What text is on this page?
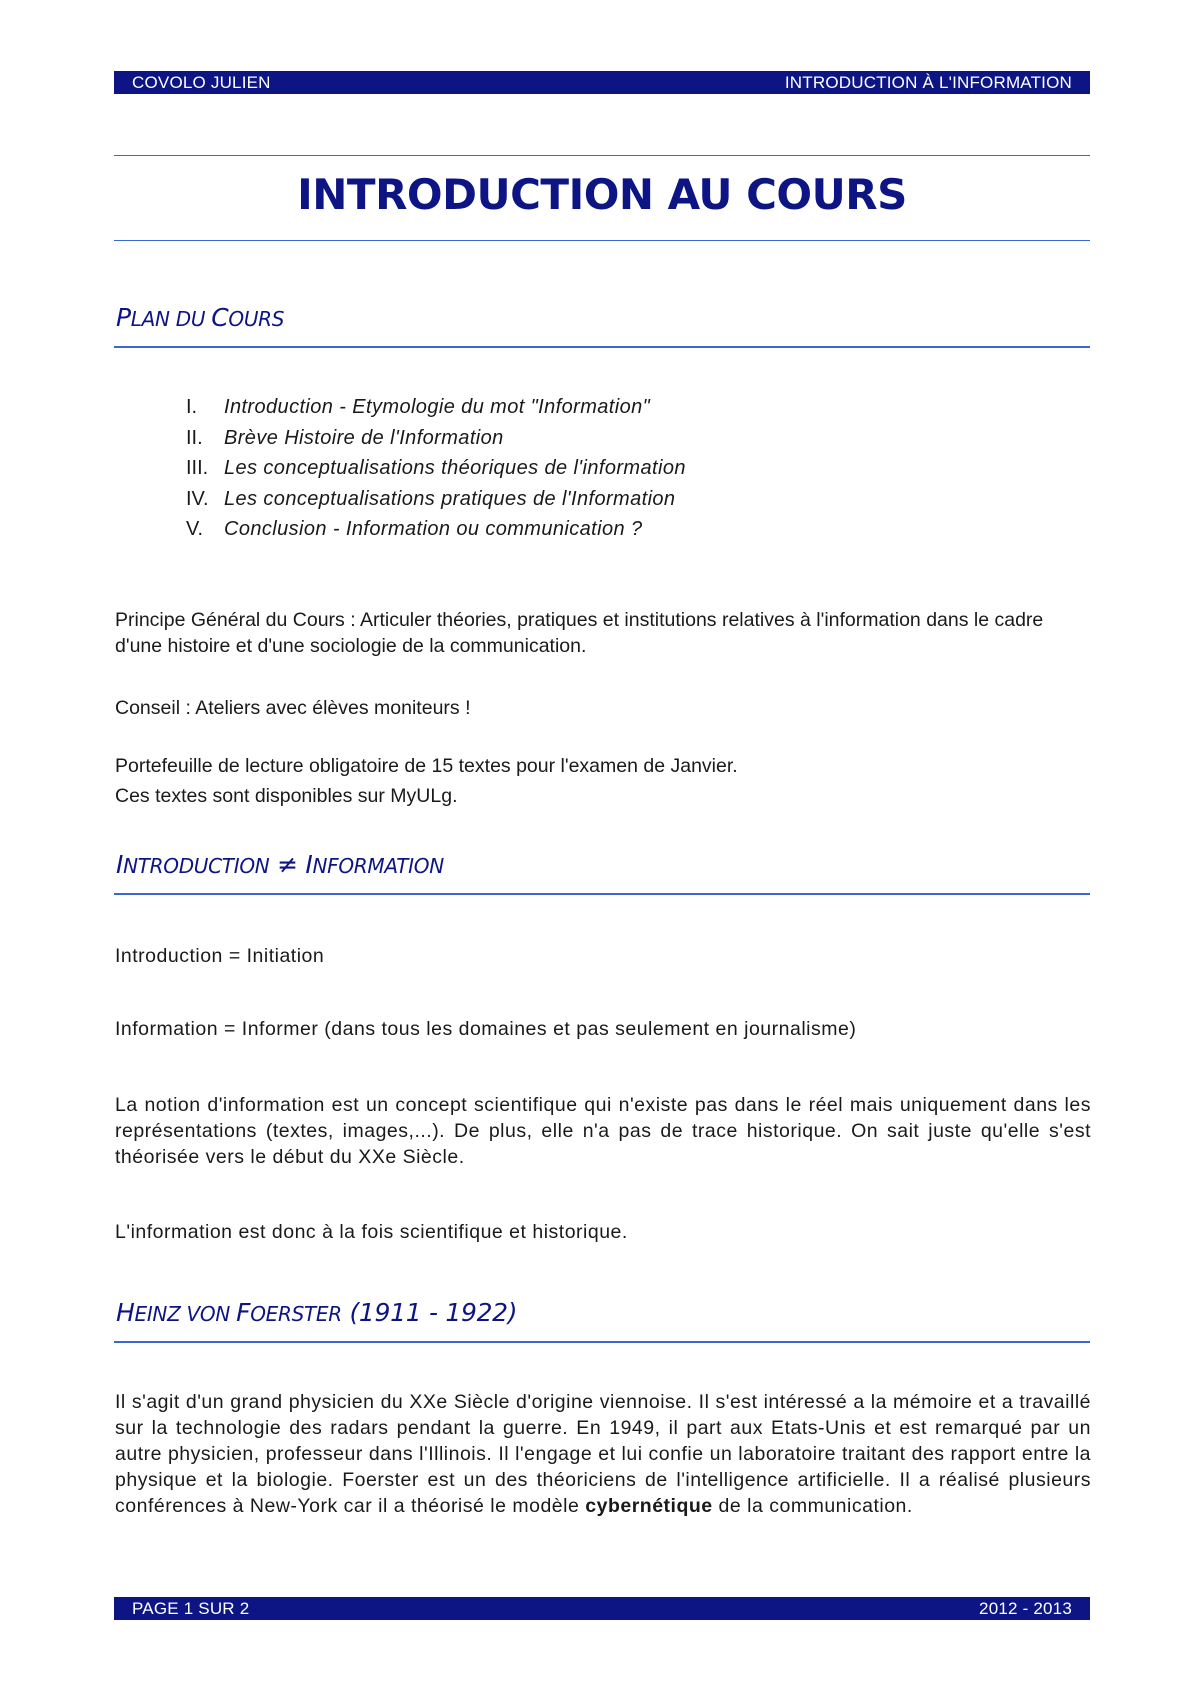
COVOLO JULIEN	INTRODUCTION À L'INFORMATION
INTRODUCTION AU COURS
PLAN DU COURS
I. Introduction - Etymologie du mot "Information"
II. Brève Histoire de l'Information
III. Les conceptualisations théoriques de l'information
IV. Les conceptualisations pratiques de l'Information
V. Conclusion - Information ou communication ?

Principe Général du Cours : Articuler théories, pratiques et institutions relatives à l'information dans le cadre d'une histoire et d'une sociologie de la communication.

Conseil : Ateliers avec élèves moniteurs !

Portefeuille de lecture obligatoire de 15 textes pour l'examen de Janvier.

Ces textes sont disponibles sur MyULg.

INTRODUCTION ≠ INFORMATION

Introduction = Initiation

Information = Informer (dans tous les domaines et pas seulement en journalisme)

La notion d'information est un concept scientifique qui n'existe pas dans le réel mais uniquement dans les représentations (textes, images,...). De plus, elle n'a pas de trace historique. On sait juste qu'elle s'est théorisée vers le début du XXe Siècle.

L'information est donc à la fois scientifique et historique.

HEINZ VON FOERSTER (1911 - 1922)

Il s'agit d'un grand physicien du XXe Siècle d'origine viennoise. Il s'est intéressé a la mémoire et a travaillé sur la technologie des radars pendant la guerre. En 1949, il part aux Etats-Unis et est remarqué par un autre physicien, professeur dans l'Illinois. Il l'engage et lui confie un laboratoire traitant des rapport entre la physique et la biologie. Foerster est un des théoriciens de l'intelligence artificielle. Il a réalisé plusieurs conférences à New-York car il a théorisé le modèle cybernétique de la communication.

PAGE 1 SUR 2	2012 - 2013
